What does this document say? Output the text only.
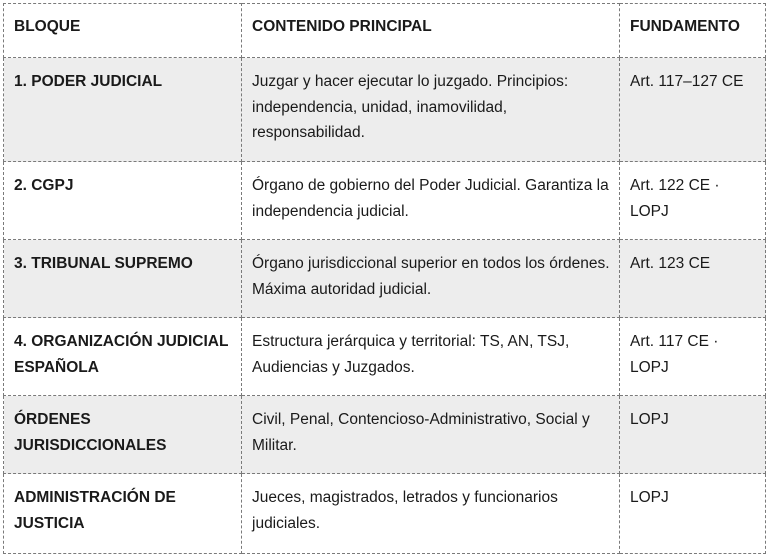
BLOQUE	CONTENIDO PRINCIPAL	FUNDAMENTO
1. PODER JUDICIAL	Juzgar y hacer ejecutar lo juzgado. Principios: independencia, unidad, inamovilidad, responsabilidad.	Art. 117–127 CE
2. CGPJ	Órgano de gobierno del Poder Judicial. Garantiza la independencia judicial.	Art. 122 CE · LOPJ
3. TRIBUNAL SUPREMO	Órgano jurisdiccional superior en todos los órdenes. Máxima autoridad judicial.	Art. 123 CE
4. ORGANIZACIÓN JUDICIAL ESPAÑOLA	Estructura jerárquica y territorial: TS, AN, TSJ, Audiencias y Juzgados.	Art. 117 CE · LOPJ
ÓRDENES JURISDICCIONALES	Civil, Penal, Contencioso-Administrativo, Social y Militar.	LOPJ
ADMINISTRACIÓN DE JUSTICIA	Jueces, magistrados, letrados y funcionarios judiciales.	LOPJ
